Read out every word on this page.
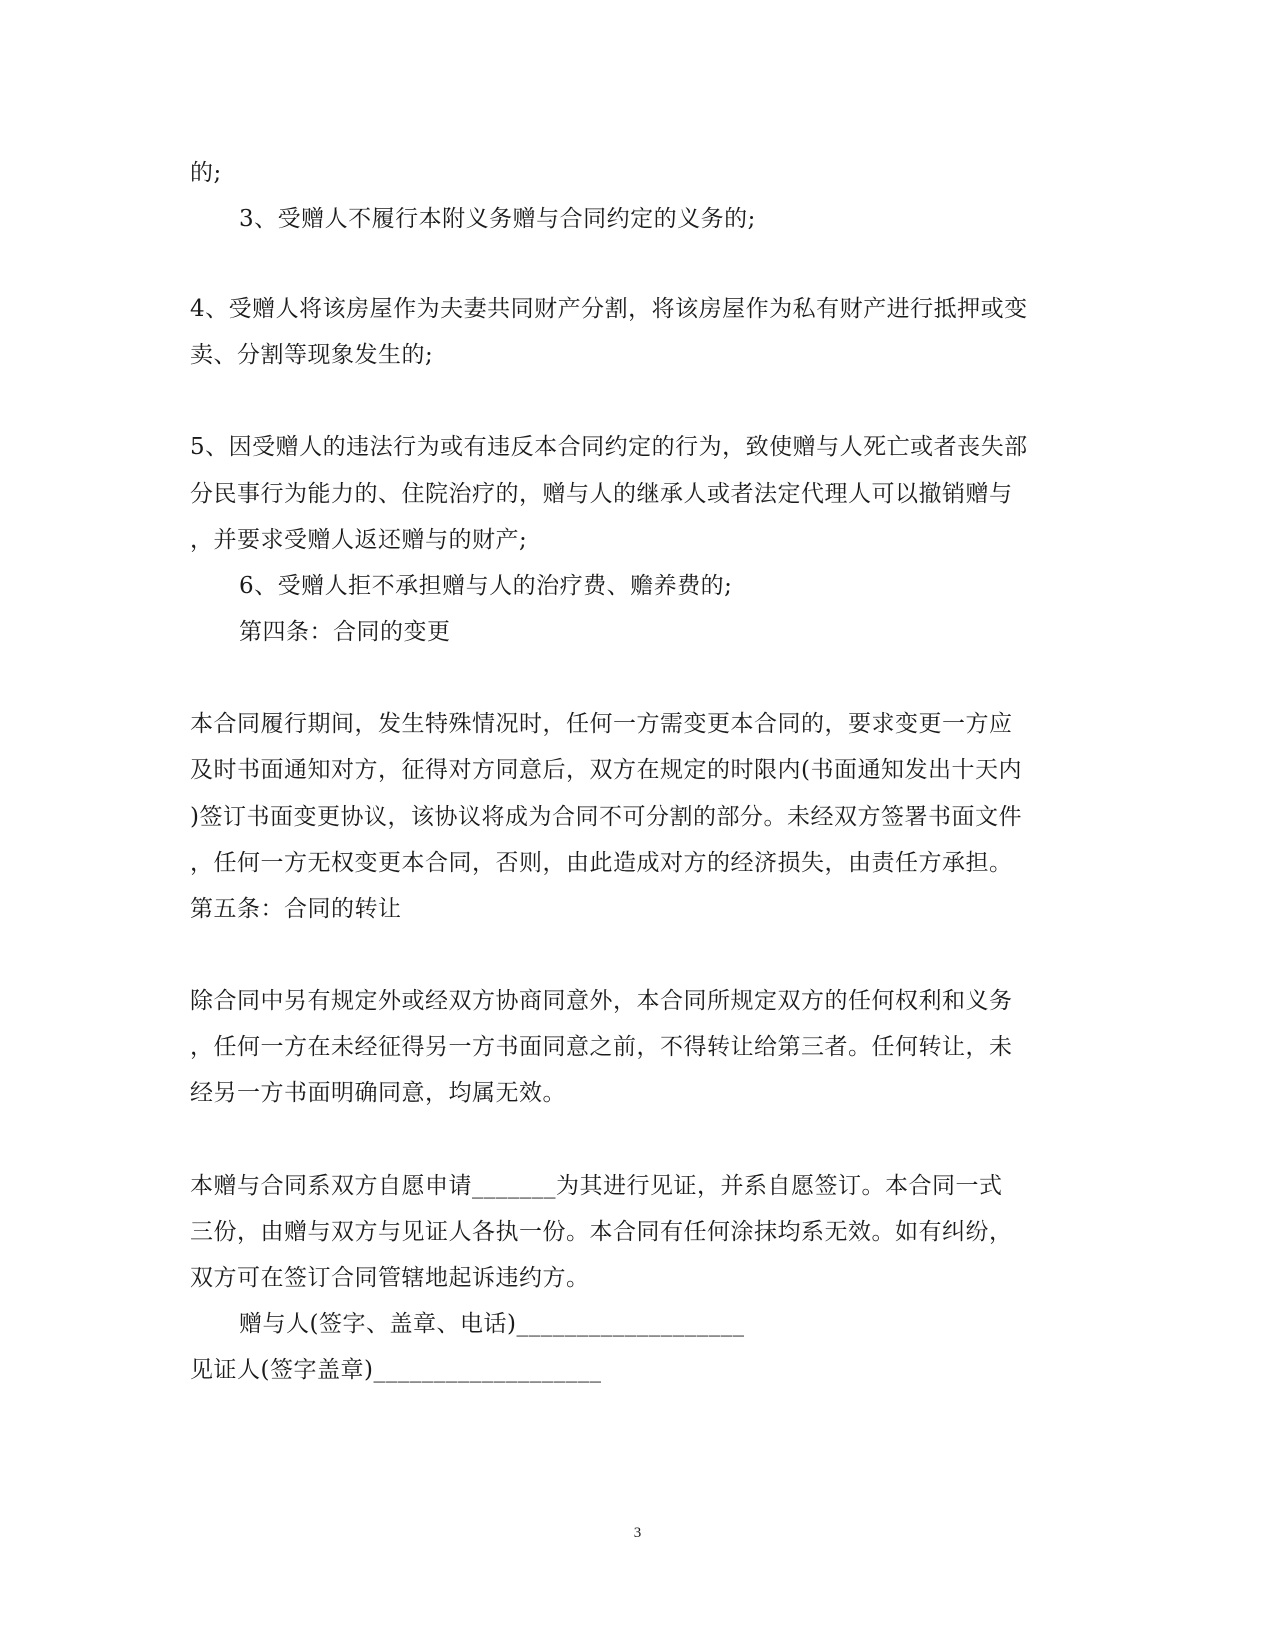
的;
3、受赠人不履行本附义务赠与合同约定的义务的;
4、受赠人将该房屋作为夫妻共同财产分割，将该房屋作为私有财产进行抵押或变
卖、分割等现象发生的;
5、因受赠人的违法行为或有违反本合同约定的行为，致使赠与人死亡或者丧失部
分民事行为能力的、住院治疗的，赠与人的继承人或者法定代理人可以撤销赠与
，并要求受赠人返还赠与的财产;
6、受赠人拒不承担赠与人的治疗费、赡养费的;
第四条：合同的变更
本合同履行期间，发生特殊情况时，任何一方需变更本合同的，要求变更一方应
及时书面通知对方，征得对方同意后，双方在规定的时限内(书面通知发出十天内
)签订书面变更协议，该协议将成为合同不可分割的部分。未经双方签署书面文件
，任何一方无权变更本合同，否则，由此造成对方的经济损失，由责任方承担。
第五条：合同的转让
除合同中另有规定外或经双方协商同意外，本合同所规定双方的任何权利和义务
，任何一方在未经征得另一方书面同意之前，不得转让给第三者。任何转让，未
经另一方书面明确同意，均属无效。
本赠与合同系双方自愿申请_______为其进行见证，并系自愿签订。本合同一式
三份，由赠与双方与见证人各执一份。本合同有任何涂抹均系无效。如有纠纷，
双方可在签订合同管辖地起诉违约方。
赠与人(签字、盖章、电话)___________________
见证人(签字盖章)___________________
3
